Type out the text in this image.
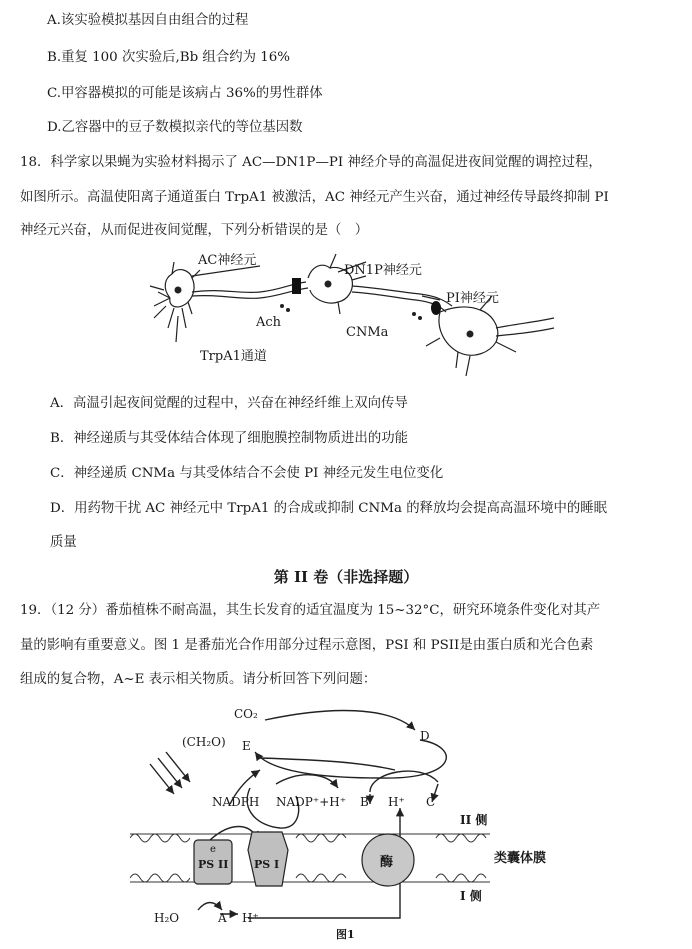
A.该实验模拟基因自由组合的过程
B.重复 100 次实验后,Bb 组合约为 16%
C.甲容器模拟的可能是该病占 36%的男性群体
D.乙容器中的豆子数模拟亲代的等位基因数
18．科学家以果蝇为实验材料揭示了 AC—DN1P—PI 神经介导的高温促进夜间觉醒的调控过程，
如图所示。高温使阳离子通道蛋白 TrpA1 被激活，AC 神经元产生兴奋，通过神经传导最终抑制 PI
神经元兴奋，从而促进夜间觉醒，下列分析错误的是（　）
AC神经元
DN1P神经元
PI神经元
Ach
CNMa
TrpA1通道
A．高温引起夜间觉醒的过程中，兴奋在神经纤维上双向传导
B．神经递质与其受体结合体现了细胞膜控制物质进出的功能
C．神经递质 CNMa 与其受体结合不会使 PI 神经元发生电位变化
D．用药物干扰 AC 神经元中 TrpA1 的合成或抑制 CNMa 的释放均会提高高温环境中的睡眠
质量
第 II 卷（非选择题）
19．（12 分）番茄植株不耐高温，其生长发育的适宜温度为 15~32°C，研究环境条件变化对其产
量的影响有重要意义。图 1 是番茄光合作用部分过程示意图，PSI 和 PSII是由蛋白质和光合色素
组成的复合物，A~E 表示相关物质。请分析回答下列问题：
CO₂
D
(CH₂O) E
NADPH NADP⁺+H⁺ B H⁺ C
II 侧
类囊体膜
I 侧
e
PS II PS I	酶
H₂O	A H⁺
图1
